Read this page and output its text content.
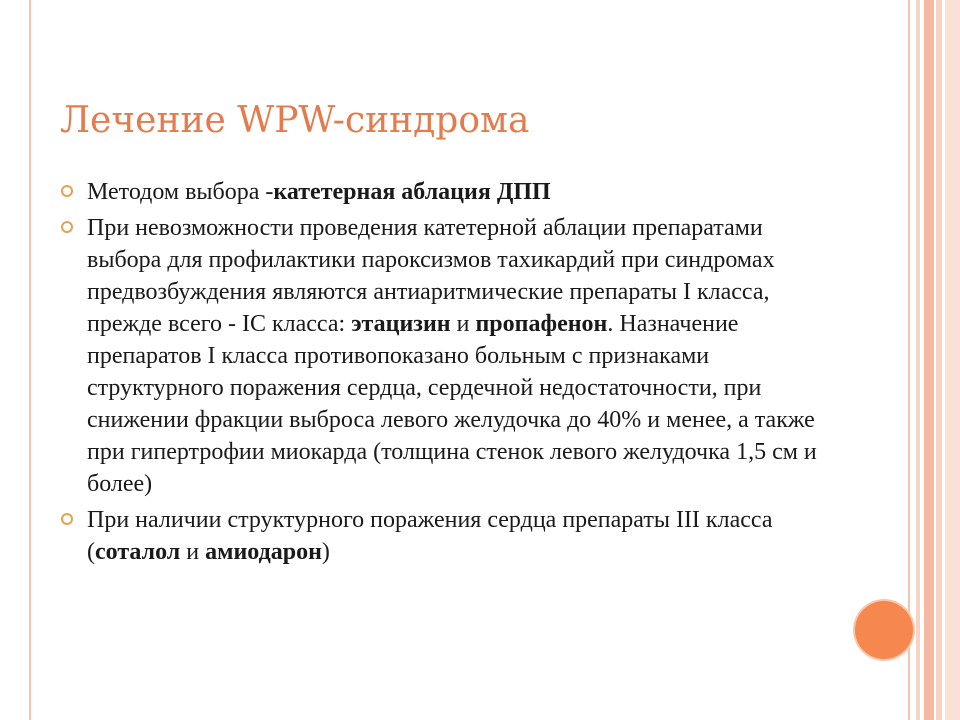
Лечение WPW-синдрома
Методом выбора -катетерная аблация ДПП
При невозможности проведения катетерной аблации препаратами выбора для профилактики пароксизмов тахикардий при синдромах предвозбуждения являются антиаритмические препараты I класса, прежде всего - IC класса: этацизин и пропафенон. Назначение препаратов I класса противопоказано больным с признаками структурного поражения сердца, сердечной недостаточности, при снижении фракции выброса левого желудочка до 40% и менее, а также при гипертрофии миокарда (толщина стенок левого желудочка 1,5 см и более)
При наличии структурного поражения сердца препараты III класса (соталол и амиодарон)
